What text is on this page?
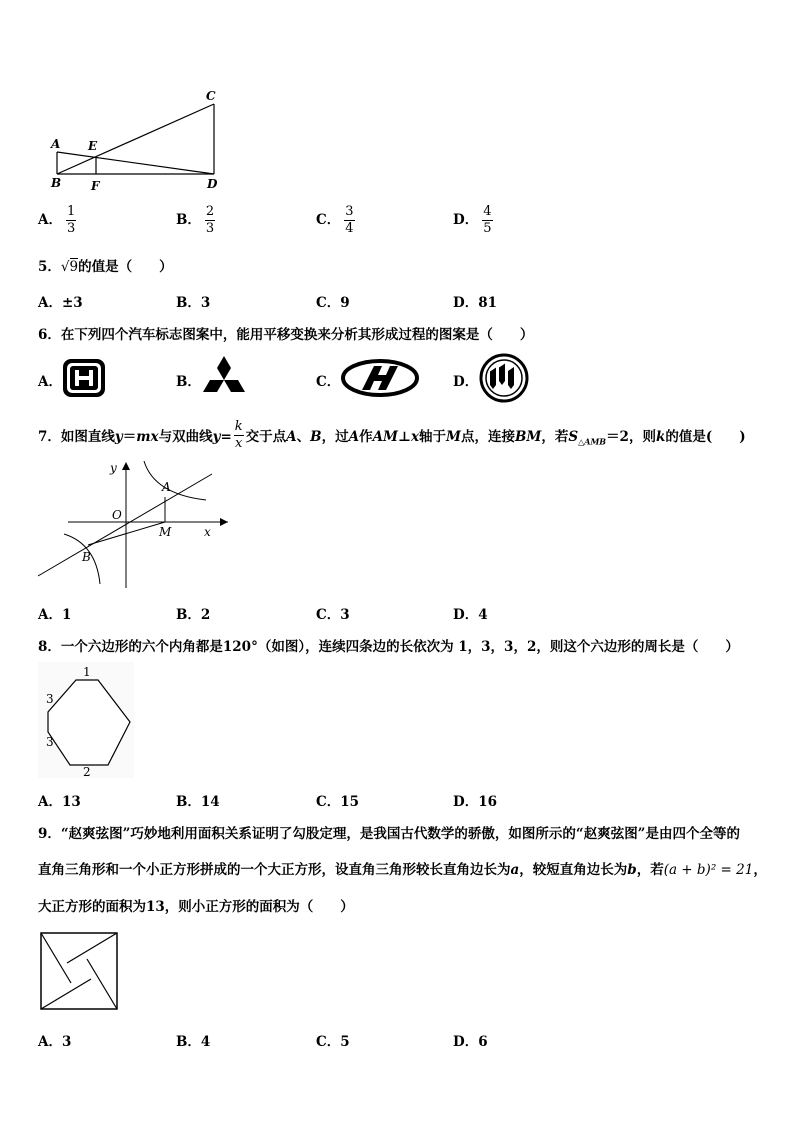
C
A E
B F	D
A． $\frac{1}{3}$	B． $\frac{2}{3}$	C． $\frac{3}{4}$	D． $\frac{4}{5}$
5．√9的值是（　　）
A．±3	B．3	C．9	D．81
6．在下列四个汽车标志图案中，能用平移变换来分析其形成过程的图案是（　　）
A．	B．	C．	D．
7．如图直线y＝mx与双曲线$y= \frac{k}{x}$ 交于点A、B，过A作AM⊥x轴于M点，连接BM，若$S_{\triangle AMB}=2$，则k的值是(　　)
y
x
O
A
M
B
A．1	B．2	C．3	D．4
8．一个六边形的六个内角都是120°（如图），连续四条边的长依次为 1，3，3，2，则这个六边形的周长是（　　）
1
3
3
2
A．13	B．14	C．15	D．16
9．“赵爽弦图”巧妙地利用面积关系证明了勾股定理，是我国古代数学的骄傲，如图所示的“赵爽弦图”是由四个全等的
直角三角形和一个小正方形拼成的一个大正方形，设直角三角形较长直角边长为a，较短直角边长为b，若(a + b)² = 21，
大正方形的面积为13，则小正方形的面积为（　　）
A．3	B．4	C．5	D．6
